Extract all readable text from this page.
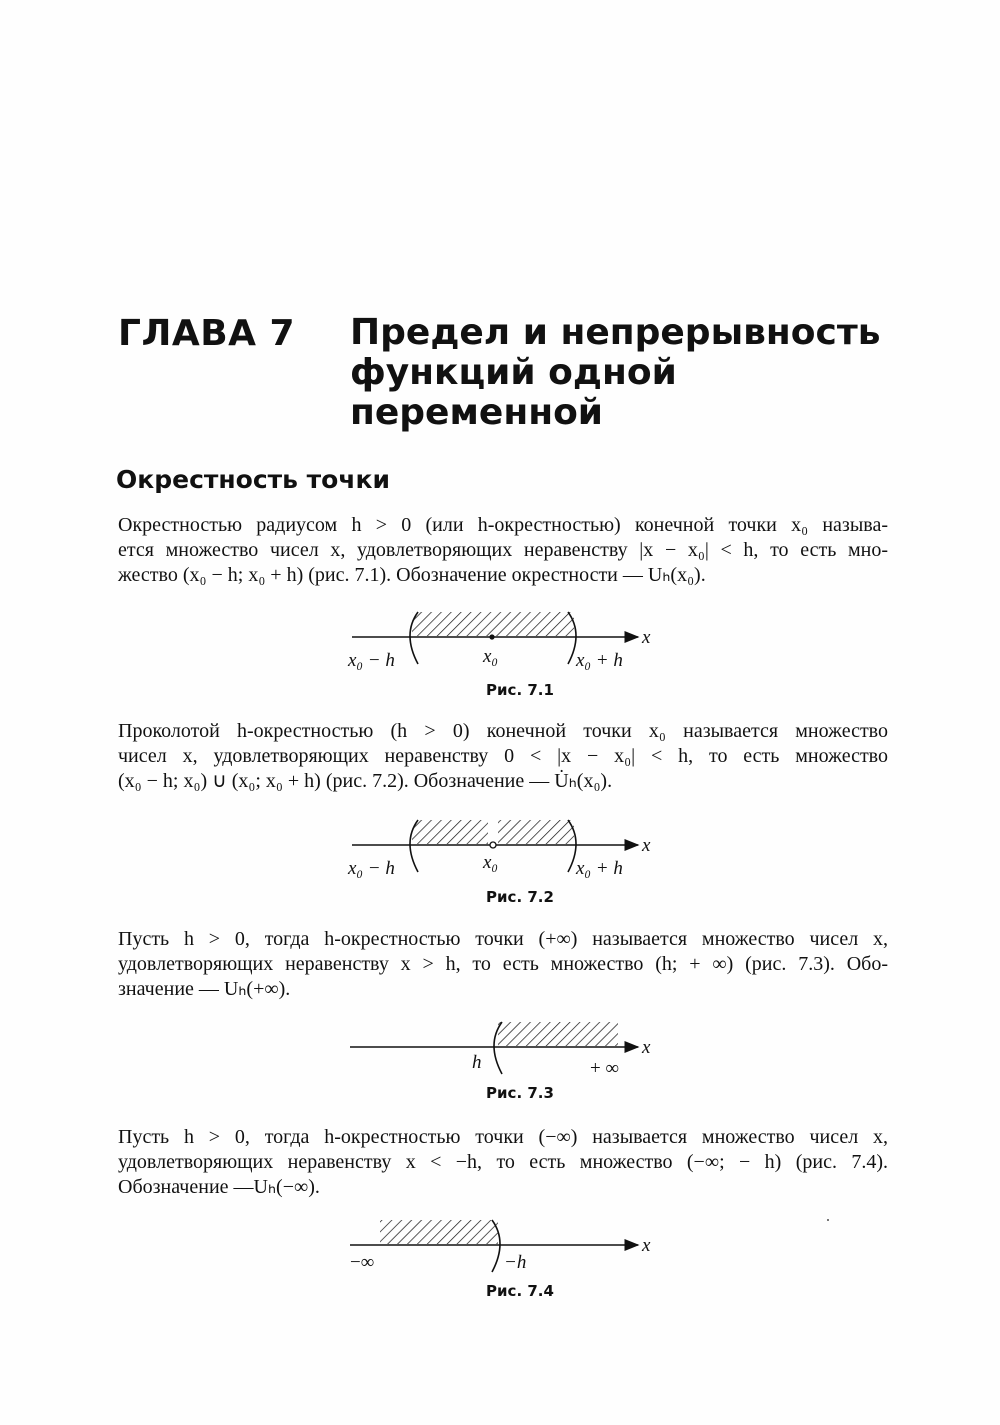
ГЛАВА 7 Предел и непрерывность
функций одной
переменной
Окрестность точки
Окрестностью радиусом h > 0 (или h-окрестностью) конечной точки x₀ называ-
ется множество чисел x, удовлетворяющих неравенству |x − x₀| < h, то есть мно-
жество (x₀ − h; x₀ + h) (рис. 7.1). Обозначение окрестности — Uₕ(x₀).
x
x₀ − h	x₀	x₀ + h
Рис. 7.1
Проколотой h-окрестностью (h > 0) конечной точки x₀ называется множество
чисел x, удовлетворяющих неравенству 0 < |x − x₀| < h, то есть множество
(x₀ − h; x₀) ∪ (x₀; x₀ + h) (рис. 7.2). Обозначение — U̇ₕ(x₀).
x
x₀ − h	x₀	x₀ + h
Рис. 7.2
Пусть h > 0, тогда h-окрестностью точки (+∞) называется множество чисел x,
удовлетворяющих неравенству x > h, то есть множество (h; + ∞) (рис. 7.3). Обо-
значение — Uₕ(+∞).
x
h	+ ∞
Рис. 7.3
Пусть h > 0, тогда h-окрестностью точки (−∞) называется множество чисел x,
удовлетворяющих неравенству x < −h, то есть множество (−∞; − h) (рис. 7.4).
Обозначение —Uₕ(−∞).
x
−∞	−h
Рис. 7.4
